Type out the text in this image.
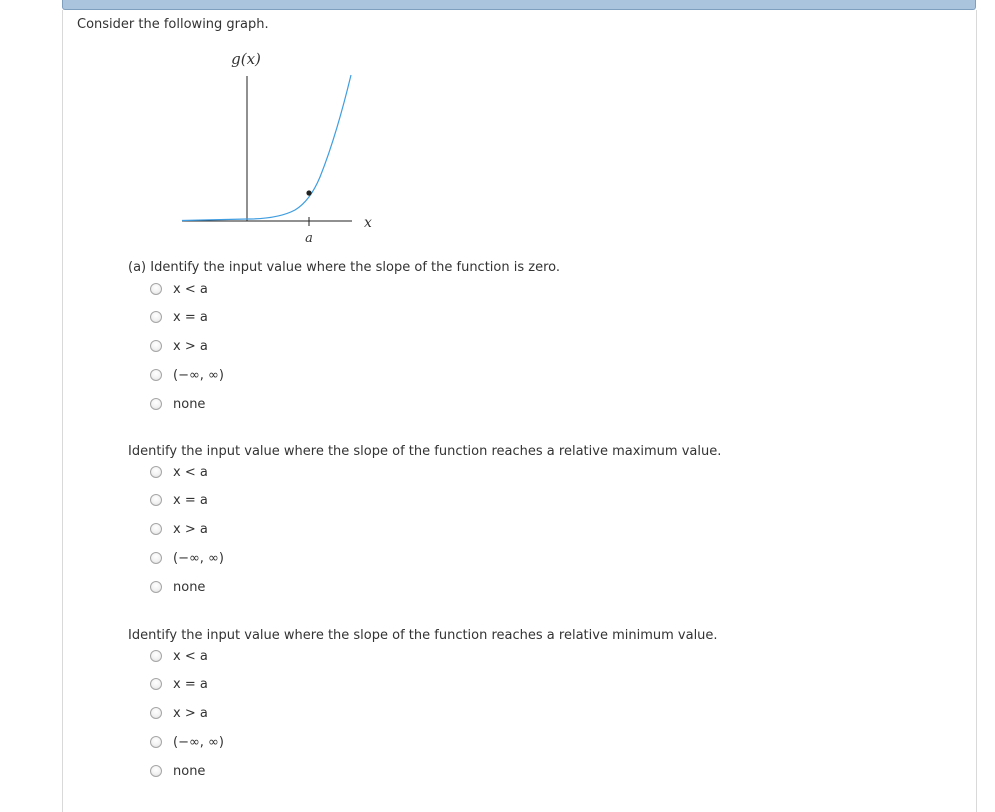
Consider the following graph.
g(x)
a
x
(a) Identify the input value where the slope of the function is zero.
x < a
x = a
x > a
(−∞, ∞)
none
Identify the input value where the slope of the function reaches a relative maximum value.
x < a
x = a
x > a
(−∞, ∞)
none
Identify the input value where the slope of the function reaches a relative minimum value.
x < a
x = a
x > a
(−∞, ∞)
none
